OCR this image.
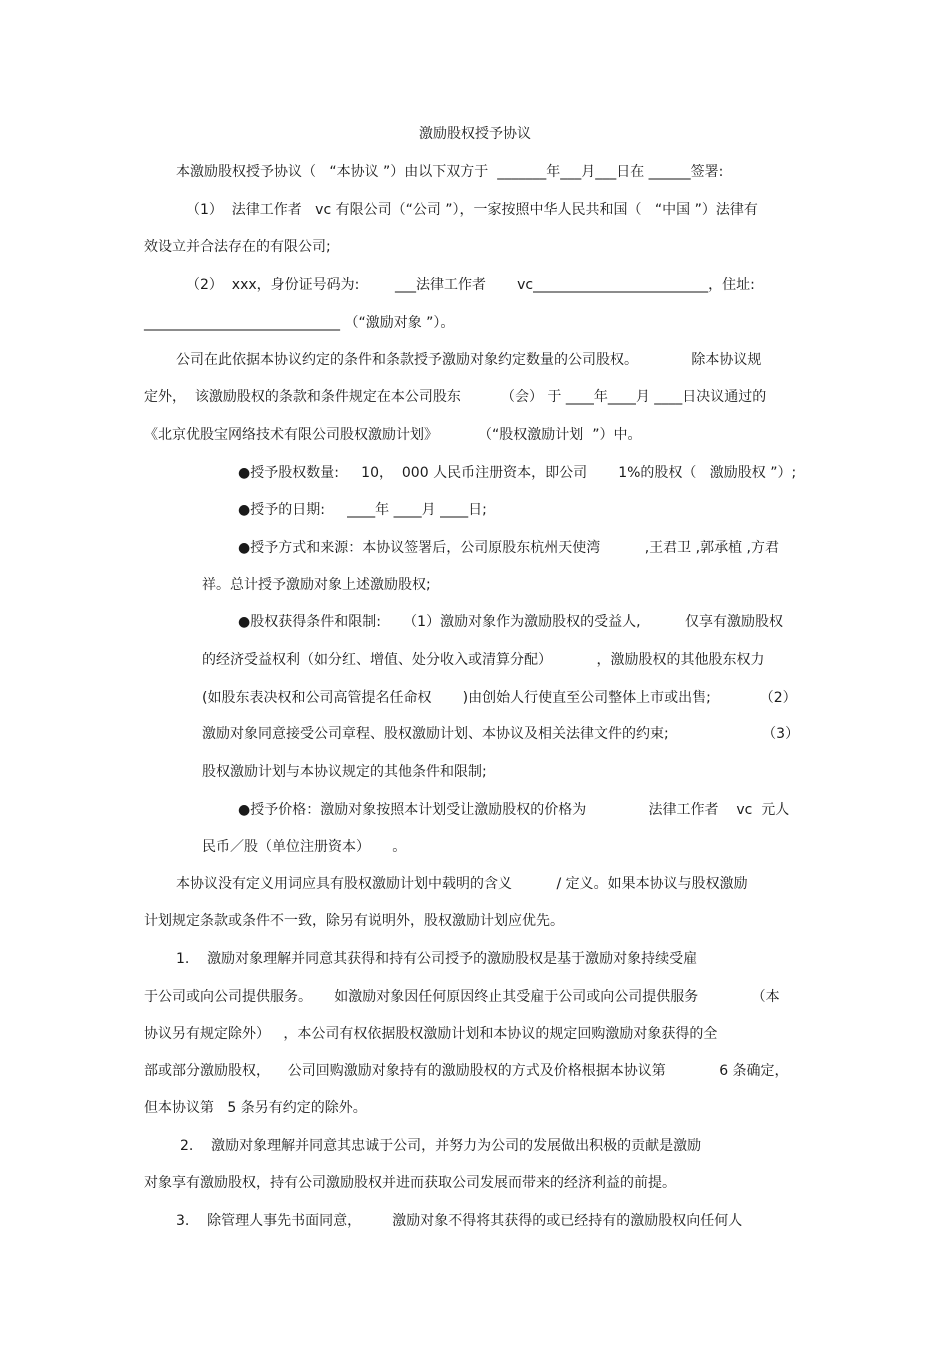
激励股权授予协议
本激励股权授予协议（   “本协议 ”）由以下双方于  _______年___月___日在 ______签署:
（1）  法律工作者   vc 有限公司（“公司 ”），一家按照中华人民共和国（   “中国 ”）法律有
效设立并合法存在的有限公司;
（2）  xxx，身份证号码为:        ___法律工作者       vc_________________________，住址:
____________________________ （“激励对象 ”）。
公司在此依据本协议约定的条件和条款授予激励对象约定数量的公司股权。            除本协议规
定外，  该激励股权的条款和条件规定在本公司股东         （会） 于 ____年____月 ____日决议通过的
《北京优股宝网络技术有限公司股权激励计划》         （“股权激励计划  ”）中。
●授予股权数量:     10，  000 人民币注册资本，即公司       1%的股权（   激励股权 ”）;
●授予的日期:     ____年 ____月 ____日;
●授予方式和来源：本协议签署后，公司原股东杭州天使湾          ,王君卫 ,郭承植 ,方君
祥。总计授予激励对象上述激励股权;
●股权获得条件和限制:     （1）激励对象作为激励股权的受益人,          仅享有激励股权
的经济受益权利（如分红、增值、处分收入或清算分配）          ，激励股权的其他股东权力
(如股东表决权和公司高管提名任命权       )由创始人行使直至公司整体上市或出售;           （2）
激励对象同意接受公司章程、股权激励计划、本协议及相关法律文件的约束;                     （3）
股权激励计划与本协议规定的其他条件和限制;
●授予价格：激励对象按照本计划受让激励股权的价格为              法律工作者    vc  元人
民币／股（单位注册资本）     。
本协议没有定义用词应具有股权激励计划中载明的含义          / 定义。如果本协议与股权激励
计划规定条款或条件不一致，除另有说明外，股权激励计划应优先。
1.    激励对象理解并同意其获得和持有公司授予的激励股权是基于激励对象持续受雇
于公司或向公司提供服务。     如激励对象因任何原因终止其受雇于公司或向公司提供服务            （本
协议另有规定除外）   ，本公司有权依据股权激励计划和本协议的规定回购激励对象获得的全
部或部分激励股权，    公司回购激励对象持有的激励股权的方式及价格根据本协议第            6 条确定，
但本协议第   5 条另有约定的除外。
2.    激励对象理解并同意其忠诚于公司，并努力为公司的发展做出积极的贡献是激励
对象享有激励股权，持有公司激励股权并进而获取公司发展而带来的经济利益的前提。
3.    除管理人事先书面同意，       激励对象不得将其获得的或已经持有的激励股权向任何人
